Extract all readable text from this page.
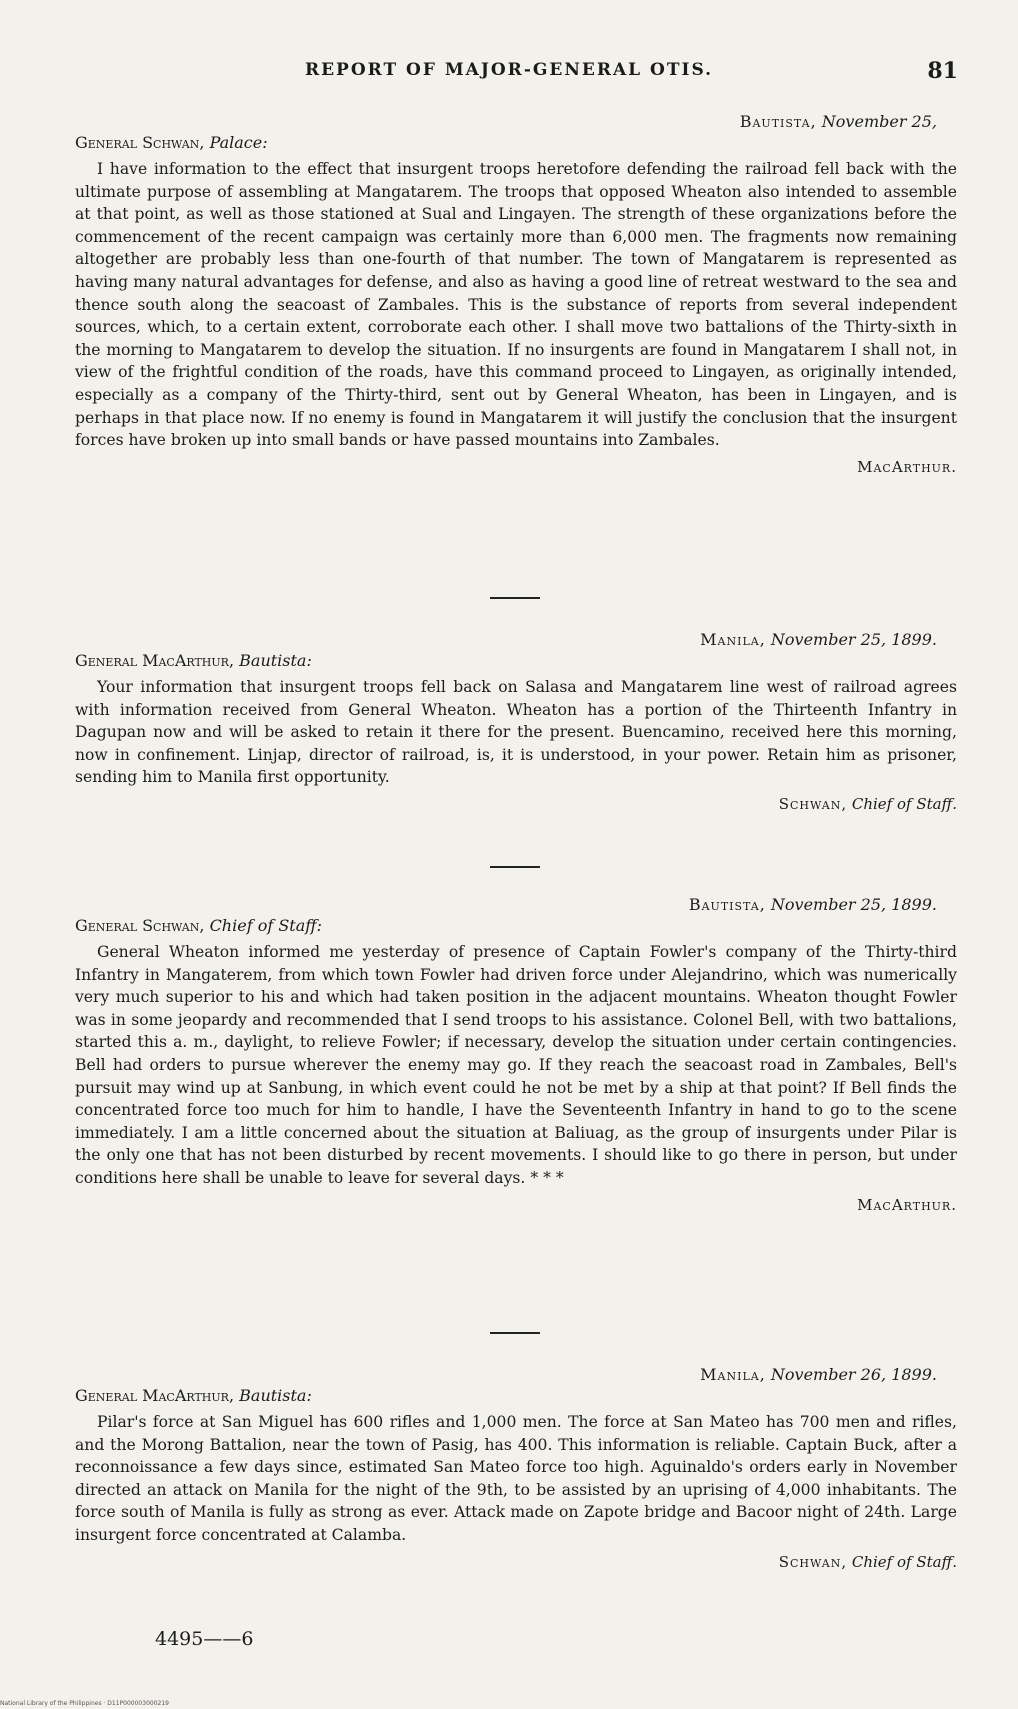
REPORT OF MAJOR-GENERAL OTIS.	81
Bautista, November 25,
General Schwan, Palace:

I have information to the effect that insurgent troops heretofore defending the railroad fell back with the ultimate purpose of assembling at Mangatarem. The troops that opposed Wheaton also intended to assemble at that point, as well as those stationed at Sual and Lingayen. The strength of these organizations before the commencement of the recent campaign was certainly more than 6,000 men. The fragments now remaining altogether are probably less than one-fourth of that number. The town of Mangatarem is represented as having many natural advantages for defense, and also as having a good line of retreat westward to the sea and thence south along the seacoast of Zambales. This is the substance of reports from several independent sources, which, to a certain extent, corroborate each other. I shall move two battalions of the Thirty-sixth in the morning to Mangatarem to develop the situation. If no insurgents are found in Mangatarem I shall not, in view of the frightful condition of the roads, have this command proceed to Lingayen, as originally intended, especially as a company of the Thirty-third, sent out by General Wheaton, has been in Lingayen, and is perhaps in that place now. If no enemy is found in Mangatarem it will justify the conclusion that the insurgent forces have broken up into small bands or have passed mountains into Zambales.

MacArthur.
Manila, November 25, 1899.
General MacArthur, Bautista:

Your information that insurgent troops fell back on Salasa and Mangatarem line west of railroad agrees with information received from General Wheaton. Wheaton has a portion of the Thirteenth Infantry in Dagupan now and will be asked to retain it there for the present. Buencamino, received here this morning, now in confinement. Linjap, director of railroad, is, it is understood, in your power. Retain him as prisoner, sending him to Manila first opportunity.

Schwan, Chief of Staff.
Bautista, November 25, 1899.
General Schwan, Chief of Staff:

General Wheaton informed me yesterday of presence of Captain Fowler's company of the Thirty-third Infantry in Mangaterem, from which town Fowler had driven force under Alejandrino, which was numerically very much superior to his and which had taken position in the adjacent mountains. Wheaton thought Fowler was in some jeopardy and recommended that I send troops to his assistance. Colonel Bell, with two battalions, started this a. m., daylight, to relieve Fowler; if necessary, develop the situation under certain contingencies. Bell had orders to pursue wherever the enemy may go. If they reach the seacoast road in Zambales, Bell's pursuit may wind up at Sanbung, in which event could he not be met by a ship at that point? If Bell finds the concentrated force too much for him to handle, I have the Seventeenth Infantry in hand to go to the scene immediately. I am a little concerned about the situation at Baliuag, as the group of insurgents under Pilar is the only one that has not been disturbed by recent movements. I should like to go there in person, but under conditions here shall be unable to leave for several days. * * *

MacArthur.
Manila, November 26, 1899.
General MacArthur, Bautista:

Pilar's force at San Miguel has 600 rifles and 1,000 men. The force at San Mateo has 700 men and rifles, and the Morong Battalion, near the town of Pasig, has 400. This information is reliable. Captain Buck, after a reconnoissance a few days since, estimated San Mateo force too high. Aguinaldo's orders early in November directed an attack on Manila for the night of the 9th, to be assisted by an uprising of 4,000 inhabitants. The force south of Manila is fully as strong as ever. Attack made on Zapote bridge and Bacoor night of 24th. Large insurgent force concentrated at Calamba.

Schwan, Chief of Staff.
4495——6
National Library of the Philippines · D11P000003000219
